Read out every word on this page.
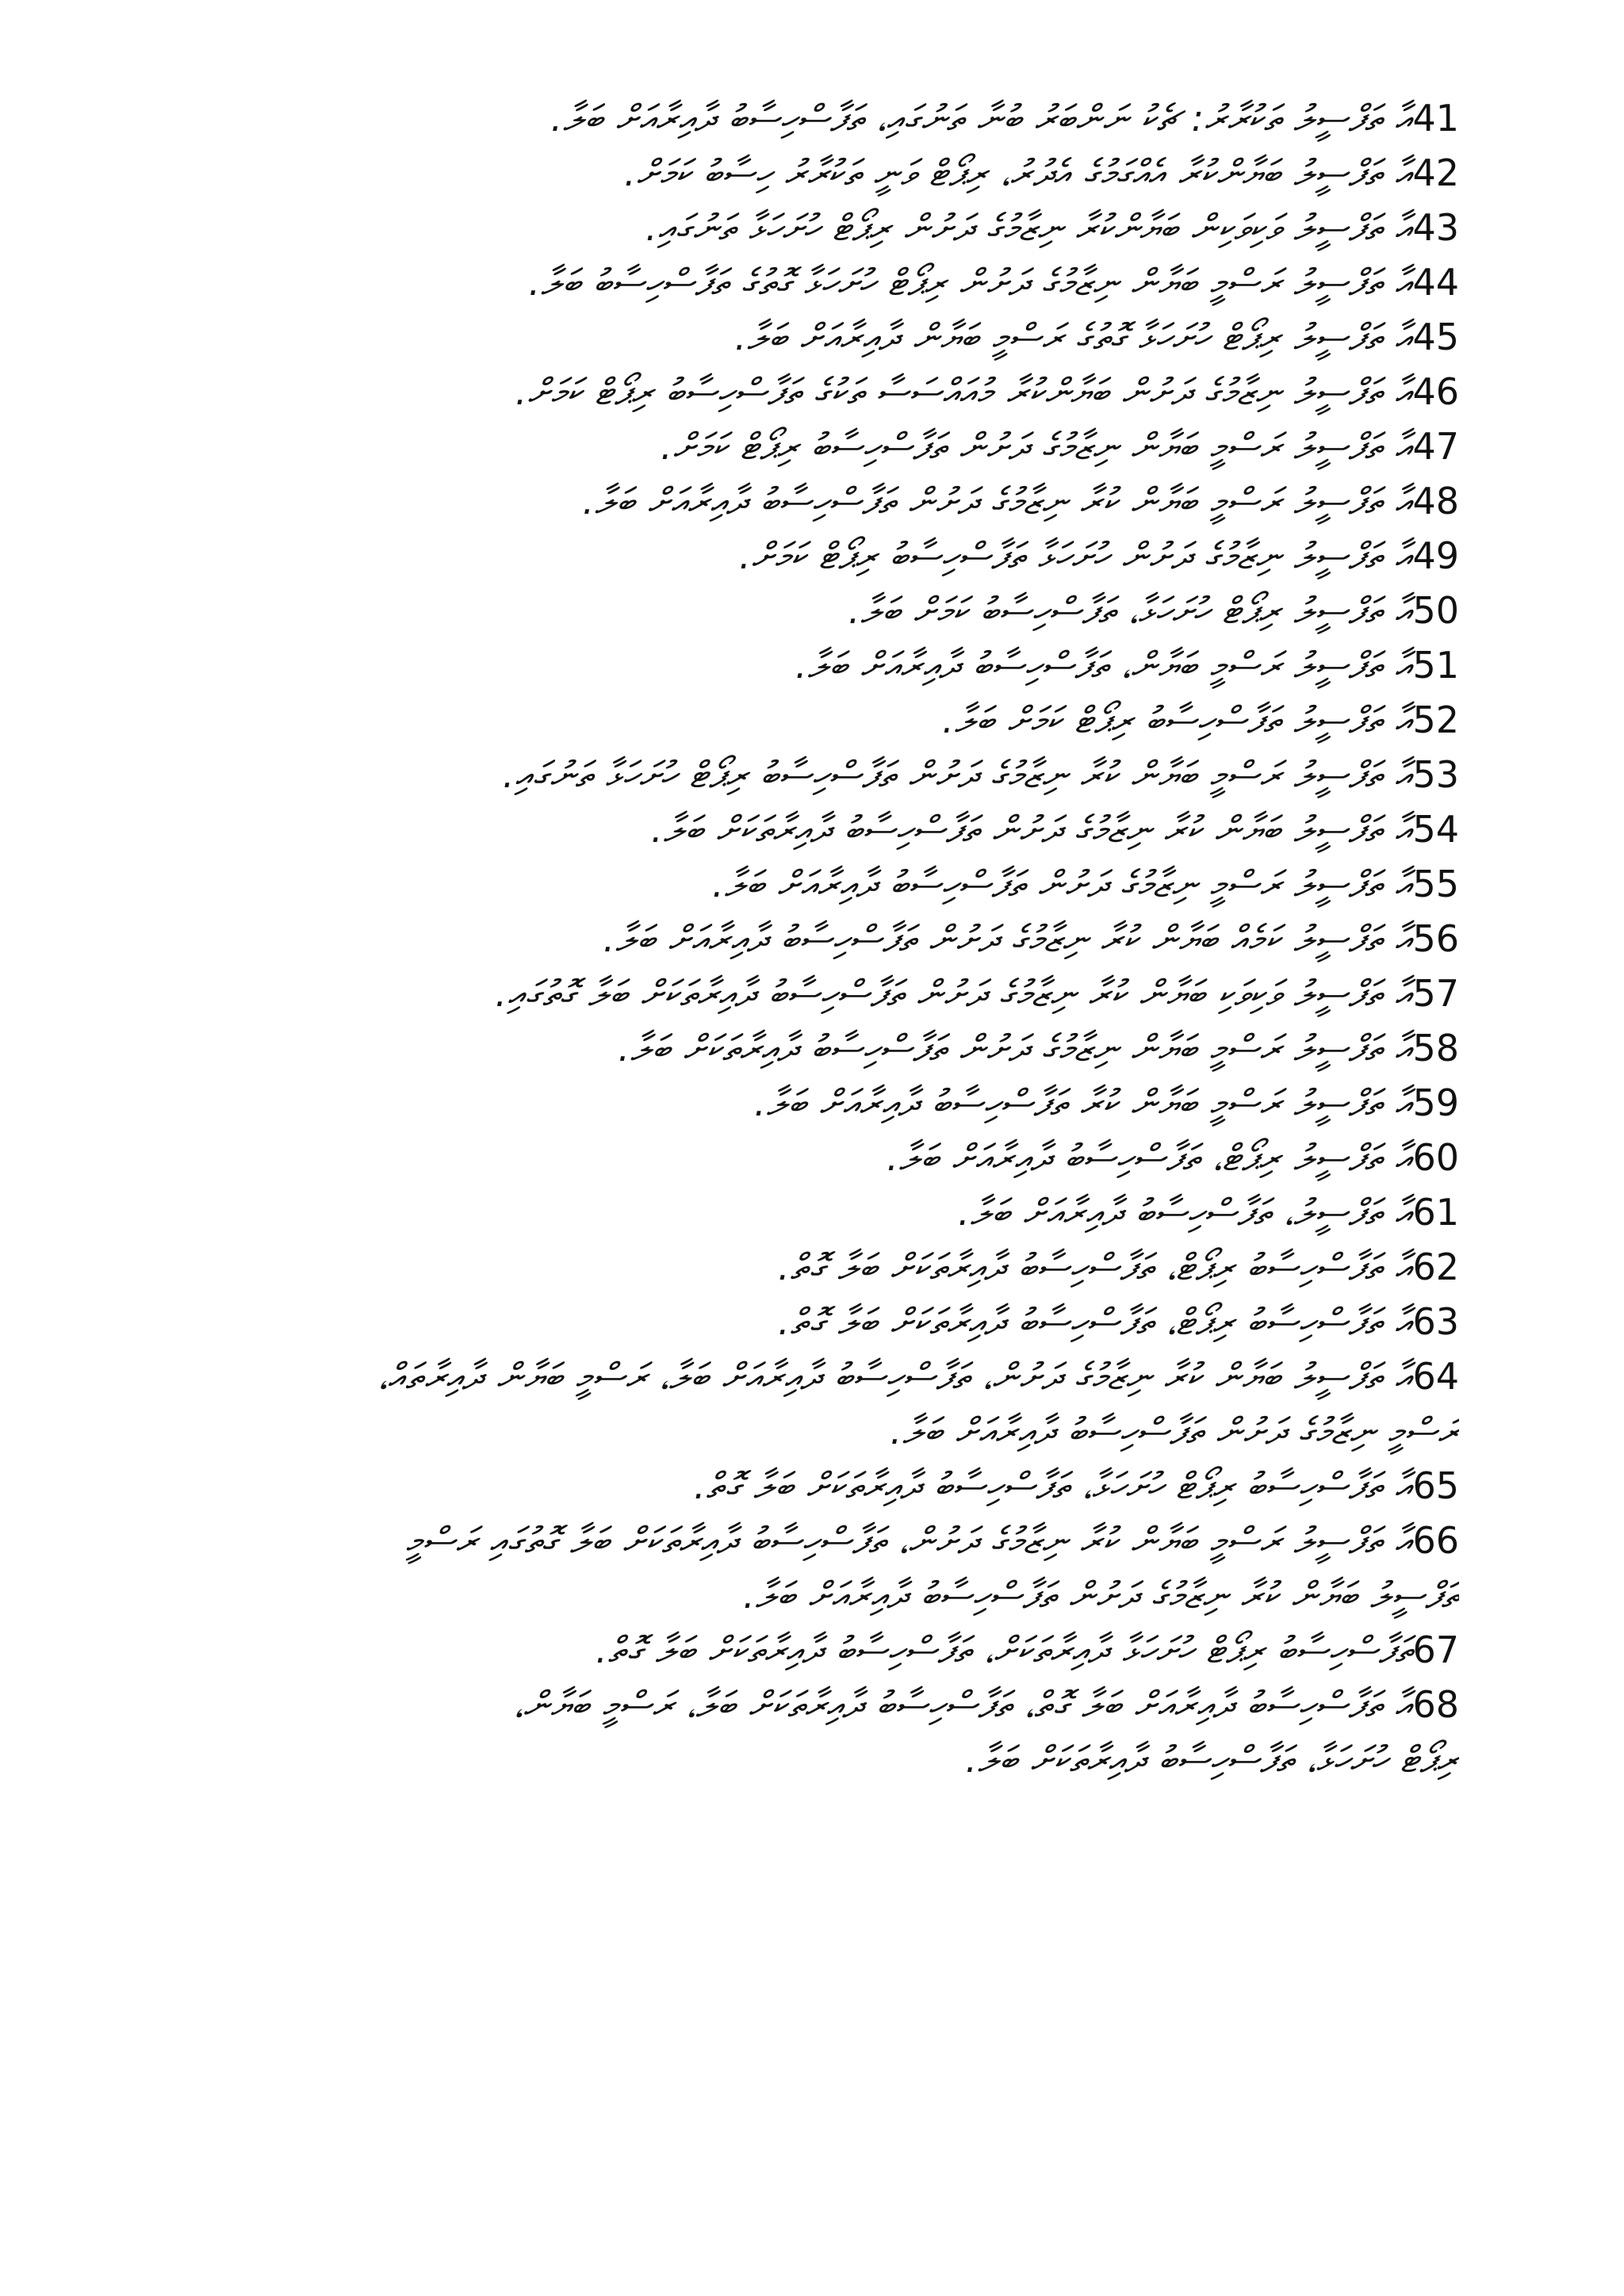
41އާ ތަފްސީލު ތަކުރާރު: ޗެކު ނަންބަރު ބުނާ ތަނުގައި، ތަފާސްހިސާބު ދާއިރާއަށް ބަލާ.
42އާ ތަފްސީލު ބަޔާންކުރާ އެއްގަމުގެ އެދުރު، ރިޕޯޓް ވަނީ ތަކުރާރު ހިސާބު ކަމަށް.
43އާ ތަފްސީލު ވަކިވަކިން ބަޔާންކުރާ ނިޒާމުގެ ދަށުން ރިޕޯޓް ހުށަހަޅާ ތަނުގައި.
44އާ ތަފްސީލު ރަސްމީ ބަޔާން ނިޒާމުގެ ދަށުން ރިޕޯޓް ހުށަހަޅާ ގޮތުގެ ތަފާސްހިސާބު ބަލާ.
45އާ ތަފްސީލު ރިޕޯޓް ހުށަހަޅާ ގޮތުގެ ރަސްމީ ބަޔާން ދާއިރާއަށް ބަލާ.
46އާ ތަފްސީލު ނިޒާމުގެ ދަށުން ބަޔާންކުރާ މުއައްސަސާ ތަކުގެ ތަފާސްހިސާބު ރިޕޯޓް ކަމަށް.
47އާ ތަފްސީލު ރަސްމީ ބަޔާން ނިޒާމުގެ ދަށުން ތަފާސްހިސާބު ރިޕޯޓް ކަމަށް.
48އާ ތަފްސީލު ރަސްމީ ބަޔާން ކުރާ ނިޒާމުގެ ދަށުން ތަފާސްހިސާބު ދާއިރާއަށް ބަލާ.
49އާ ތަފްސީލު ނިޒާމުގެ ދަށުން ހުށަހަޅާ ތަފާސްހިސާބު ރިޕޯޓް ކަމަށް.
50އާ ތަފްސީލު ރިޕޯޓް ހުށަހަޅާ، ތަފާސްހިސާބު ކަމަށް ބަލާ.
51އާ ތަފްސީލު ރަސްމީ ބަޔާން، ތަފާސްހިސާބު ދާއިރާއަށް ބަލާ.
52އާ ތަފްސީލު ތަފާސްހިސާބު ރިޕޯޓް ކަމަށް ބަލާ.
53އާ ތަފްސީލު ރަސްމީ ބަޔާން ކުރާ ނިޒާމުގެ ދަށުން ތަފާސްހިސާބު ރިޕޯޓް ހުށަހަޅާ ތަނުގައި.
54އާ ތަފްސީލު ބަޔާން ކުރާ ނިޒާމުގެ ދަށުން ތަފާސްހިސާބު ދާއިރާތަކަށް ބަލާ.
55އާ ތަފްސީލު ރަސްމީ ނިޒާމުގެ ދަށުން ތަފާސްހިސާބު ދާއިރާއަށް ބަލާ.
56އާ ތަފްސީލު ކަމެއް ބަޔާން ކުރާ ނިޒާމުގެ ދަށުން ތަފާސްހިސާބު ދާއިރާއަށް ބަލާ.
57އާ ތަފްސީލު ވަކިވަކި ބަޔާން ކުރާ ނިޒާމުގެ ދަށުން ތަފާސްހިސާބު ދާއިރާތަކަށް ބަލާ ގޮތުގައި.
58އާ ތަފްސީލު ރަސްމީ ބަޔާން ނިޒާމުގެ ދަށުން ތަފާސްހިސާބު ދާއިރާތަކަށް ބަލާ.
59އާ ތަފްސީލު ރަސްމީ ބަޔާން ކުރާ ތަފާސްހިސާބު ދާއިރާއަށް ބަލާ.
60އާ ތަފްސީލު ރިޕޯޓް، ތަފާސްހިސާބު ދާއިރާއަށް ބަލާ.
61އާ ތަފްސީލު، ތަފާސްހިސާބު ދާއިރާއަށް ބަލާ.
62އާ ތަފާސްހިސާބު ރިޕޯޓް، ތަފާސްހިސާބު ދާއިރާތަކަށް ބަލާ ގޮތް.
63އާ ތަފާސްހިސާބު ރިޕޯޓް، ތަފާސްހިސާބު ދާއިރާތަކަށް ބަލާ ގޮތް.
64އާ ތަފްސީލު ބަޔާން ކުރާ ނިޒާމުގެ ދަށުން، ތަފާސްހިސާބު ދާއިރާއަށް ބަލާ، ރަސްމީ ބަޔާން ދާއިރާތައް،
ރަސްމީ ނިޒާމުގެ ދަށުން ތަފާސްހިސާބު ދާއިރާއަށް ބަލާ.
65އާ ތަފާސްހިސާބު ރިޕޯޓް ހުށަހަޅާ، ތަފާސްހިސާބު ދާއިރާތަކަށް ބަލާ ގޮތް.
66އާ ތަފްސީލު ރަސްމީ ބަޔާން ކުރާ ނިޒާމުގެ ދަށުން، ތަފާސްހިސާބު ދާއިރާތަކަށް ބަލާ ގޮތުގައި ރަސްމީ
ތަފްސީލު ބަޔާން ކުރާ ނިޒާމުގެ ދަށުން ތަފާސްހިސާބު ދާއިރާއަށް ބަލާ.
67ތަފާސްހިސާބު ރިޕޯޓް ހުށަހަޅާ ދާއިރާތަކަށް، ތަފާސްހިސާބު ދާއިރާތަކަށް ބަލާ ގޮތް.
68އާ ތަފާސްހިސާބު ދާއިރާއަށް ބަލާ ގޮތް، ތަފާސްހިސާބު ދާއިރާތަކަށް ބަލާ، ރަސްމީ ބަޔާން،
ރިޕޯޓް ހުށަހަޅާ، ތަފާސްހިސާބު ދާއިރާތަކަށް ބަލާ.
